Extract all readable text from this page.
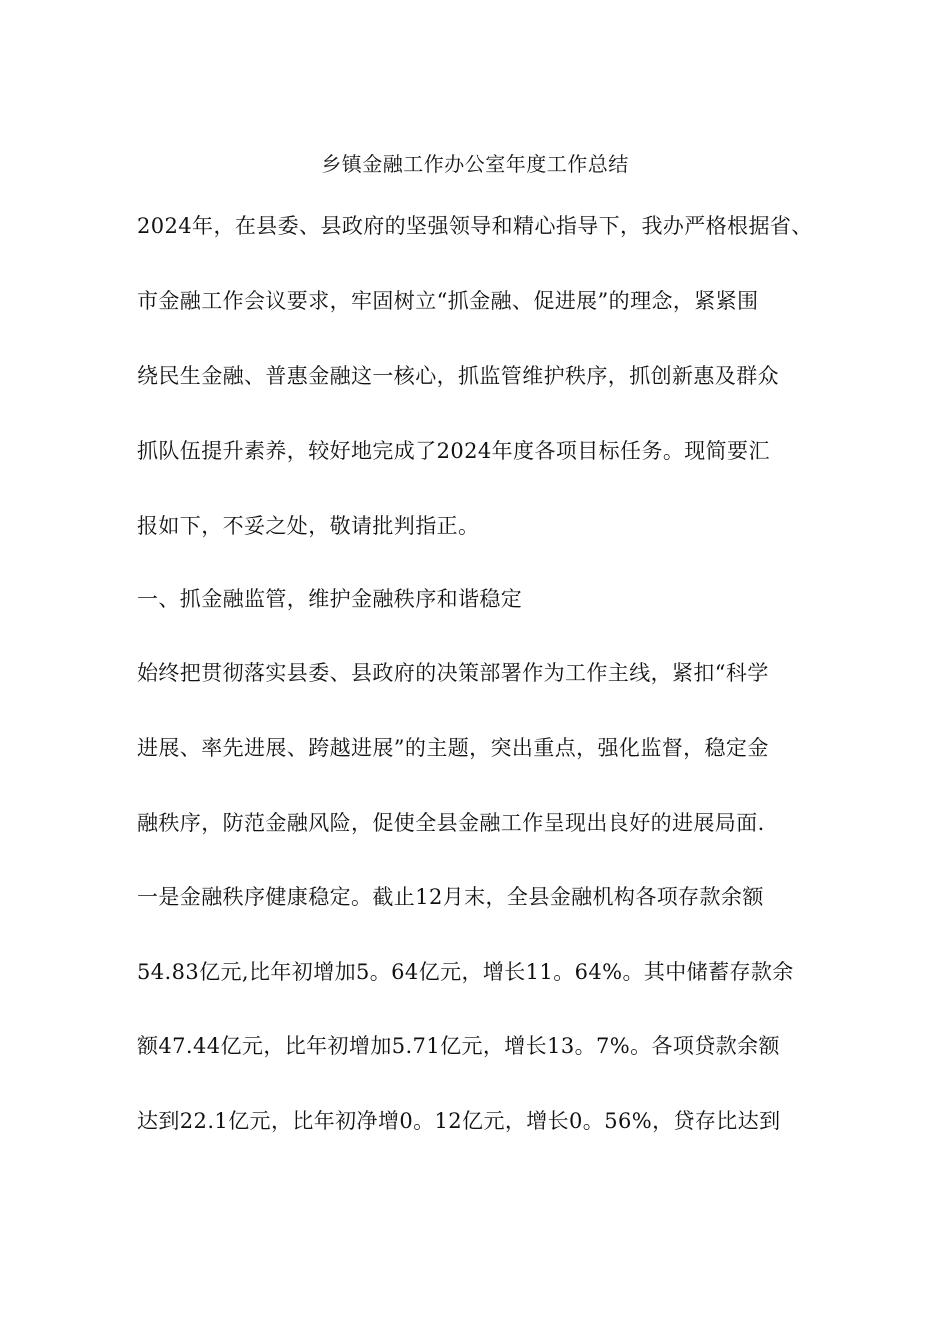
乡镇金融工作办公室年度工作总结
2024年，在县委、县政府的坚强领导和精心指导下，我办严格根据省、
市金融工作会议要求，牢固树立“抓金融、促进展”的理念，紧紧围
绕民生金融、普惠金融这一核心，抓监管维护秩序，抓创新惠及群众
抓队伍提升素养，较好地完成了2024年度各项目标任务。现简要汇
报如下，不妥之处，敬请批判指正。
一、抓金融监管，维护金融秩序和谐稳定
始终把贯彻落实县委、县政府的决策部署作为工作主线，紧扣“科学
进展、率先进展、跨越进展”的主题，突出重点，强化监督，稳定金
融秩序，防范金融风险，促使全县金融工作呈现出良好的进展局面.
一是金融秩序健康稳定。截止12月末，全县金融机构各项存款余额
54.83亿元,比年初增加5。64亿元，增长11。64%。其中储蓄存款余
额47.44亿元，比年初增加5.71亿元，增长13。7%。各项贷款余额
达到22.1亿元，比年初净增0。12亿元，增长0。56%，贷存比达到
